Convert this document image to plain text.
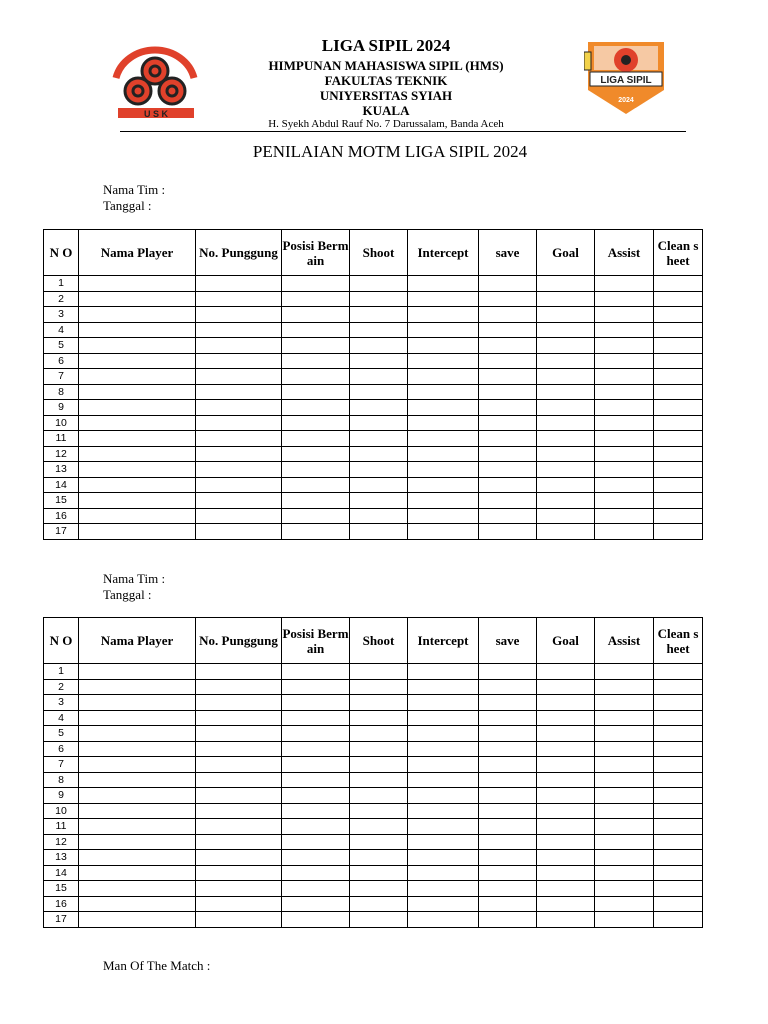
U S K
LIGA SIPIL
2024
LIGA SIPIL 2024
HIMPUNAN MAHASISWA SIPIL (HMS)
FAKULTAS TEKNIK
UNIYERSITAS SYIAH
KUALA
H. Syekh Abdul Rauf No. 7 Darussalam, Banda Aceh
PENILAIAN MOTM LIGA SIPIL 2024
Nama Tim :
Tanggal :
N O	Nama Player	No. Punggung	Posisi Bermain	Shoot	Intercept	save	Goal	Assist	Clean sheet
1									
2									
3									
4									
5									
6									
7									
8									
9									
10									
11									
12									
13									
14									
15									
16									
17									
Nama Tim :
Tanggal :
N O	Nama Player	No. Punggung	Posisi Bermain	Shoot	Intercept	save	Goal	Assist	Clean sheet
1									
2									
3									
4									
5									
6									
7									
8									
9									
10									
11									
12									
13									
14									
15									
16									
17									
Man Of The Match :
